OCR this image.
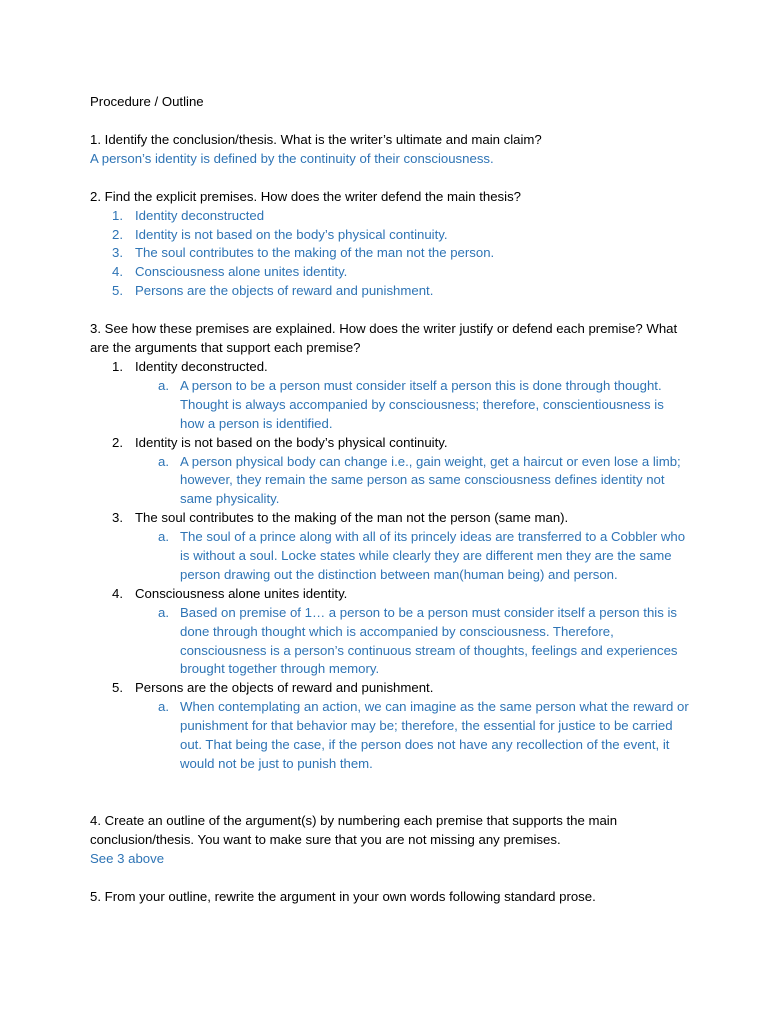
Procedure / Outline

1. Identify the conclusion/thesis. What is the writer’s ultimate and main claim?

A person’s identity is defined by the continuity of their consciousness.

2. Find the explicit premises. How does the writer defend the main thesis?

1. Identity deconstructed
2. Identity is not based on the body’s physical continuity.
3. The soul contributes to the making of the man not the person.
4. Consciousness alone unites identity.
5. Persons are the objects of reward and punishment.

3. See how these premises are explained. How does the writer justify or defend each premise? What are the arguments that support each premise?

1. Identity deconstructed.
a. A person to be a person must consider itself a person this is done through thought. Thought is always accompanied by consciousness; therefore, conscientiousness is how a person is identified.
2. Identity is not based on the body’s physical continuity.
a. A person physical body can change i.e., gain weight, get a haircut or even lose a limb; however, they remain the same person as same consciousness defines identity not same physicality.
3. The soul contributes to the making of the man not the person (same man).
a. The soul of a prince along with all of its princely ideas are transferred to a Cobbler who is without a soul. Locke states while clearly they are different men they are the same person drawing out the distinction between man(human being) and person.
4. Consciousness alone unites identity.
a. Based on premise of 1… a person to be a person must consider itself a person this is done through thought which is accompanied by consciousness. Therefore, consciousness is a person’s continuous stream of thoughts, feelings and experiences brought together through memory.
5. Persons are the objects of reward and punishment.
a. When contemplating an action, we can imagine as the same person what the reward or punishment for that behavior may be; therefore, the essential for justice to be carried out. That being the case, if the person does not have any recollection of the event, it would not be just to punish them.

4. Create an outline of the argument(s) by numbering each premise that supports the main conclusion/thesis. You want to make sure that you are not missing any premises.

See 3 above

5. From your outline, rewrite the argument in your own words following standard prose.
